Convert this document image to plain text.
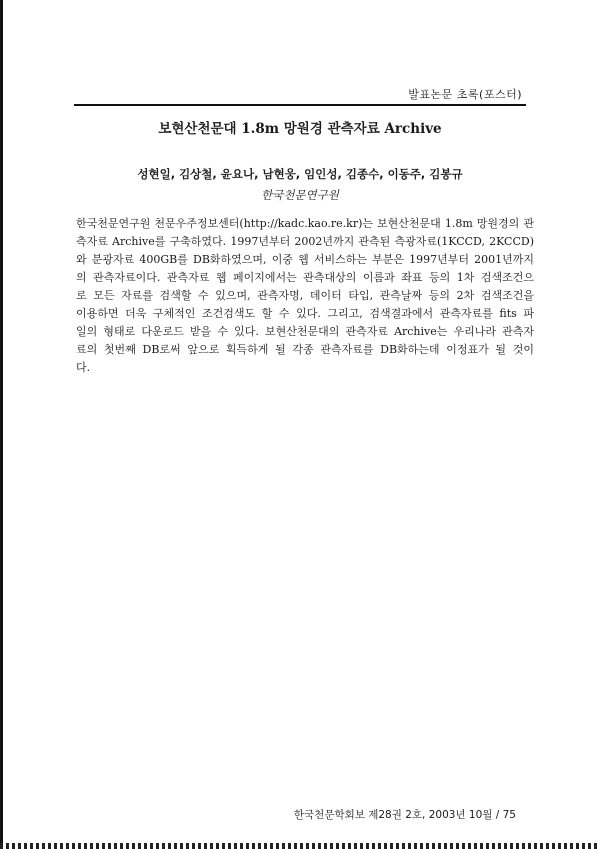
발표논문 초록(포스터)
보현산천문대 1.8m 망원경 관측자료 Archive
성현일, 김상철, 윤요나, 남현웅, 임인성, 김종수, 이동주, 김봉규
한국천문연구원
한국천문연구원 천문우주정보센터(http://kadc.kao.re.kr)는 보현산천문대 1.8m 망원경의 관
측자료 Archive를 구축하였다. 1997년부터 2002년까지 관측된 측광자료(1KCCD, 2KCCD)
와 분광자료 400GB를 DB화하였으며, 이중 웹 서비스하는 부분은 1997년부터 2001년까지
의 관측자료이다. 관측자료 웹 페이지에서는 관측대상의 이름과 좌표 등의 1차 검색조건으
로 모든 자료를 검색할 수 있으며, 관측자명, 데이터 타입, 관측날짜 등의 2차 검색조건을
이용하면 더욱 구체적인 조건검색도 할 수 있다. 그리고, 검색결과에서 관측자료를 fits 파
일의 형태로 다운로드 받을 수 있다. 보현산천문대의 관측자료 Archive는 우리나라 관측자
료의 첫번째 DB로써 앞으로 획득하게 될 각종 관측자료를 DB화하는데 이정표가 될 것이
다.
한국천문학회보 제28권 2호, 2003년 10월 / 75
